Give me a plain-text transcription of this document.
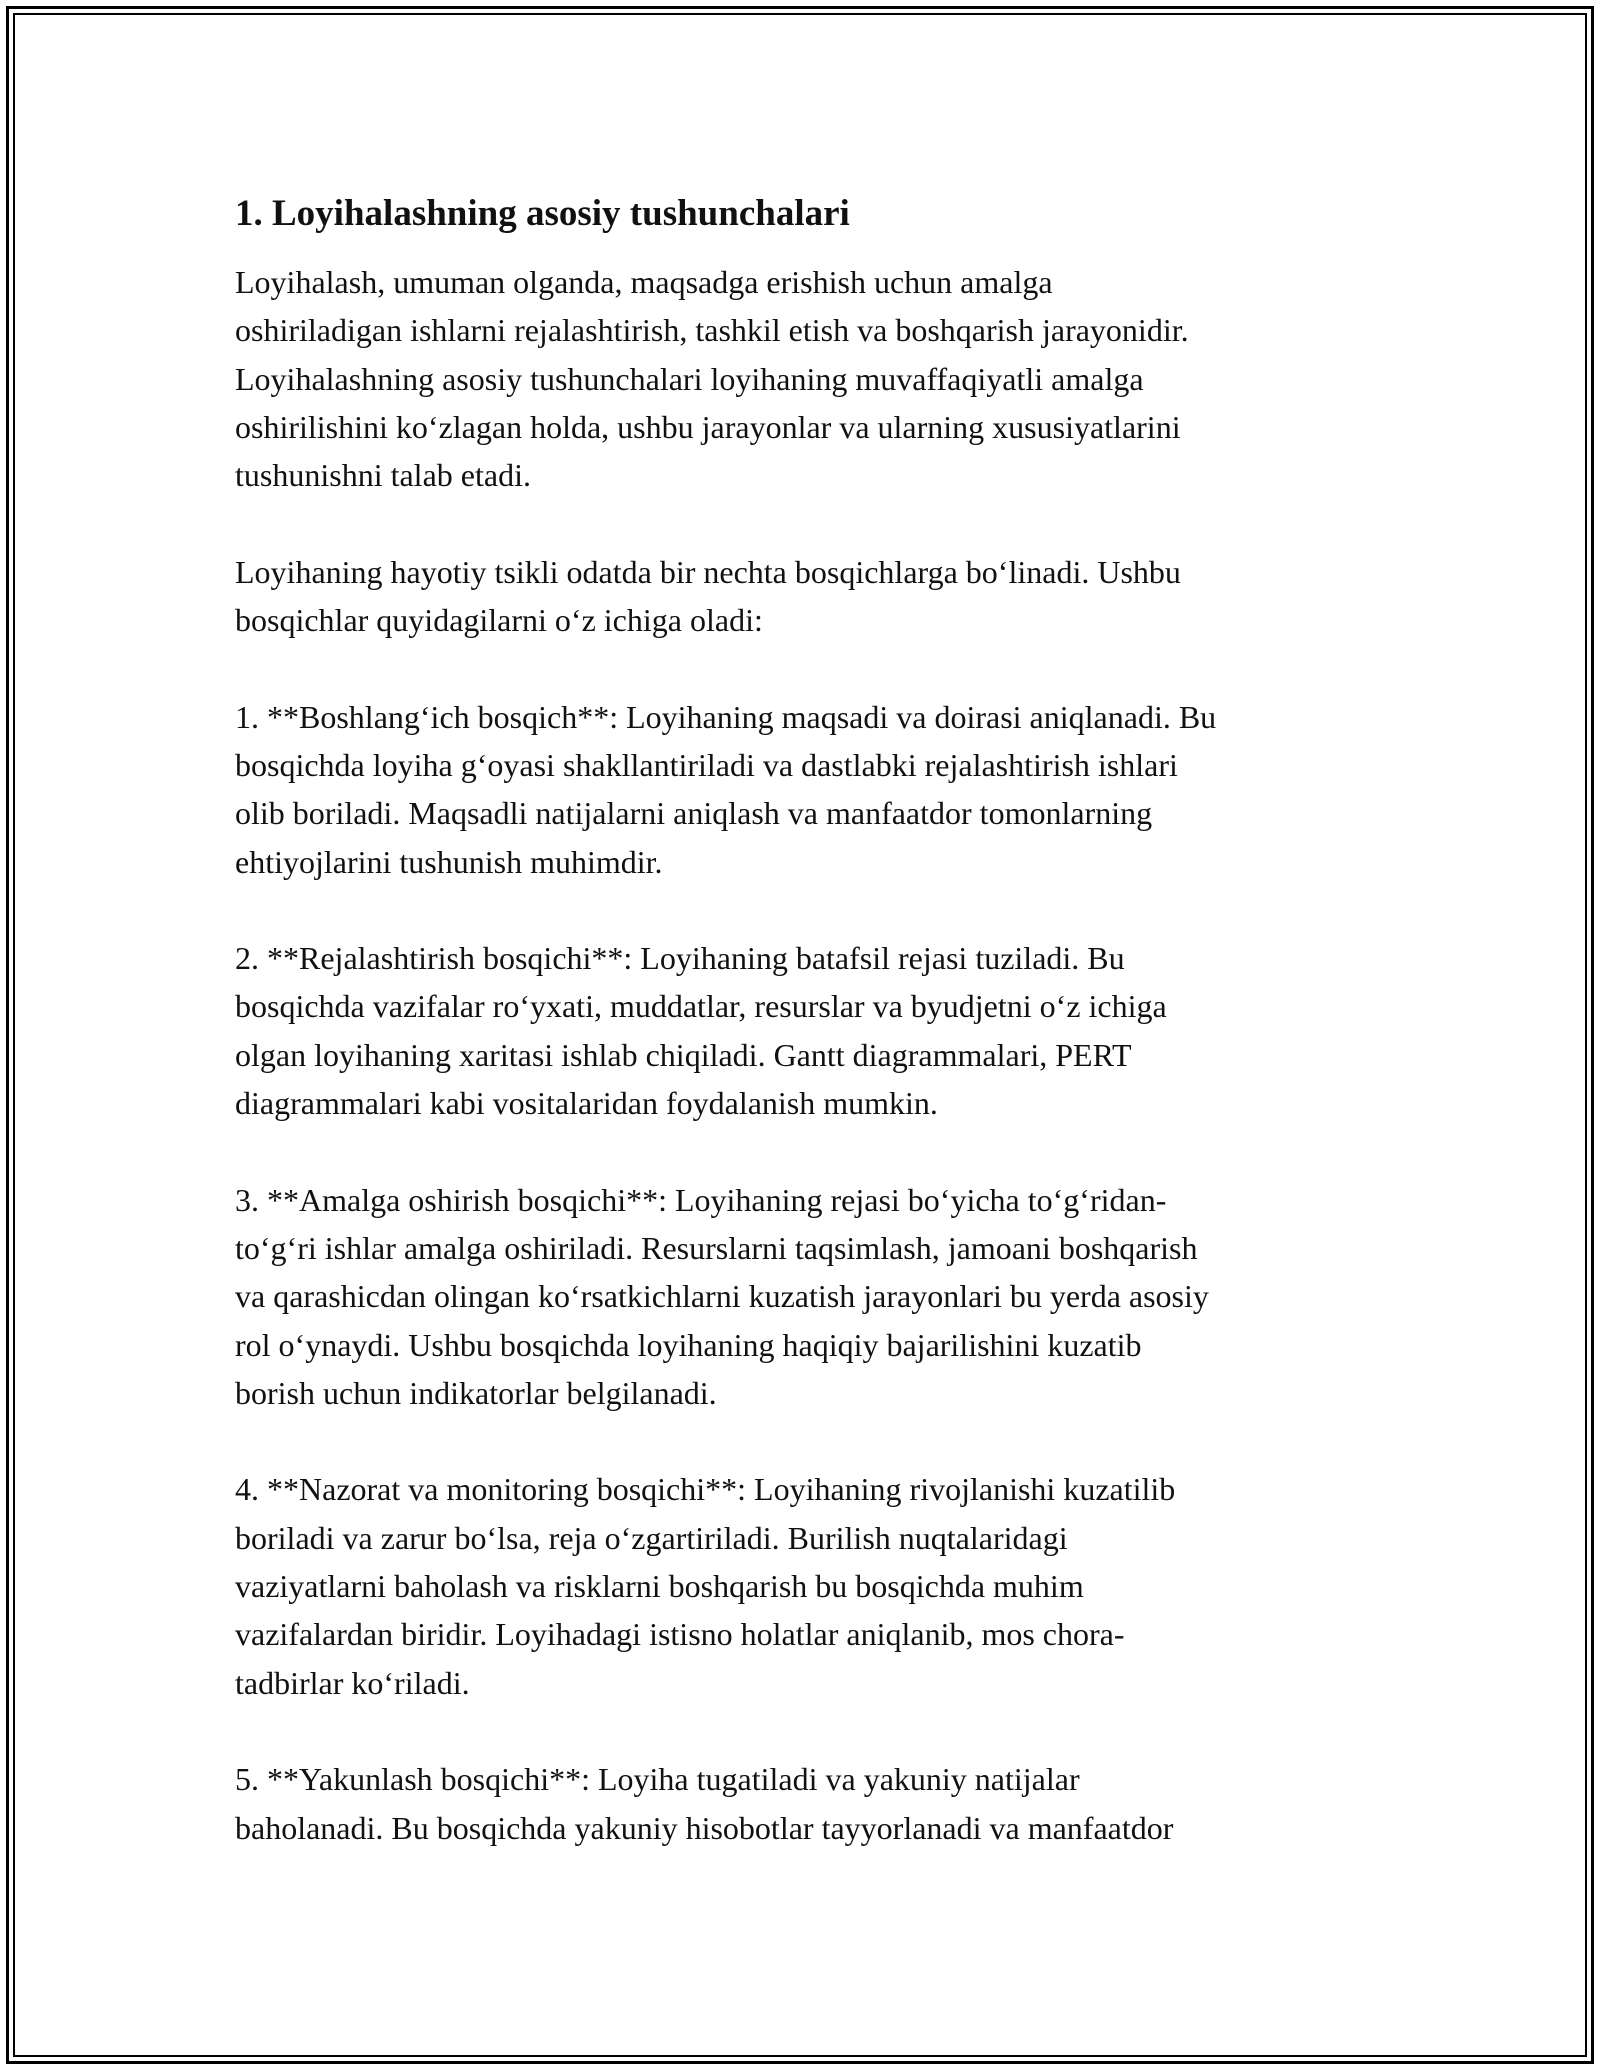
1. Loyihalashning asosiy tushunchalari

Loyihalash, umuman olganda, maqsadga erishish uchun amalga
oshiriladigan ishlarni rejalashtirish, tashkil etish va boshqarish jarayonidir.
Loyihalashning asosiy tushunchalari loyihaning muvaffaqiyatli amalga
oshirilishini ko‘zlagan holda, ushbu jarayonlar va ularning xususiyatlarini
tushunishni talab etadi.

Loyihaning hayotiy tsikli odatda bir nechta bosqichlarga bo‘linadi. Ushbu
bosqichlar quyidagilarni o‘z ichiga oladi:

1. **Boshlang‘ich bosqich**: Loyihaning maqsadi va doirasi aniqlanadi. Bu
bosqichda loyiha g‘oyasi shakllantiriladi va dastlabki rejalashtirish ishlari
olib boriladi. Maqsadli natijalarni aniqlash va manfaatdor tomonlarning
ehtiyojlarini tushunish muhimdir.

2. **Rejalashtirish bosqichi**: Loyihaning batafsil rejasi tuziladi. Bu
bosqichda vazifalar ro‘yxati, muddatlar, resurslar va byudjetni o‘z ichiga
olgan loyihaning xaritasi ishlab chiqiladi. Gantt diagrammalari, PERT
diagrammalari kabi vositalaridan foydalanish mumkin.

3. **Amalga oshirish bosqichi**: Loyihaning rejasi bo‘yicha to‘g‘ridan-
to‘g‘ri ishlar amalga oshiriladi. Resurslarni taqsimlash, jamoani boshqarish
va qarashicdan olingan ko‘rsatkichlarni kuzatish jarayonlari bu yerda asosiy
rol o‘ynaydi. Ushbu bosqichda loyihaning haqiqiy bajarilishini kuzatib
borish uchun indikatorlar belgilanadi.

4. **Nazorat va monitoring bosqichi**: Loyihaning rivojlanishi kuzatilib
boriladi va zarur bo‘lsa, reja o‘zgartiriladi. Burilish nuqtalaridagi
vaziyatlarni baholash va risklarni boshqarish bu bosqichda muhim
vazifalardan biridir. Loyihadagi istisno holatlar aniqlanib, mos chora-
tadbirlar ko‘riladi.

5. **Yakunlash bosqichi**: Loyiha tugatiladi va yakuniy natijalar
baholanadi. Bu bosqichda yakuniy hisobotlar tayyorlanadi va manfaatdor
